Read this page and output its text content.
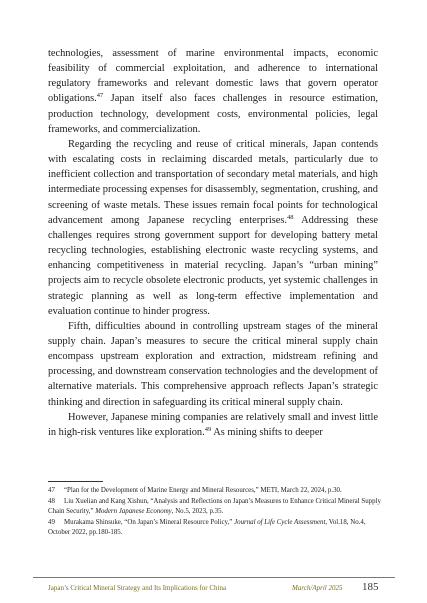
technologies, assessment of marine environmental impacts, economic feasibility of commercial exploitation, and adherence to international regulatory frameworks and relevant domestic laws that govern operator obligations.$^{47}$ Japan itself also faces challenges in resource estimation, production technology, development costs, environmental policies, legal frameworks, and commercialization.

Regarding the recycling and reuse of critical minerals, Japan contends with escalating costs in reclaiming discarded metals, particularly due to inefficient collection and transportation of secondary metal materials, and high intermediate processing expenses for disassembly, segmentation, crushing, and screening of waste metals. These issues remain focal points for technological advancement among Japanese recycling enterprises.$^{48}$ Addressing these challenges requires strong government support for developing battery metal recycling technologies, establishing electronic waste recycling systems, and enhancing competitiveness in material recycling. Japan’s “urban mining” projects aim to recycle obsolete electronic products, yet systemic challenges in strategic planning as well as long-term effective implementation and evaluation continue to hinder progress.

Fifth, difficulties abound in controlling upstream stages of the mineral supply chain. Japan’s measures to secure the critical mineral supply chain encompass upstream exploration and extraction, midstream refining and processing, and downstream conservation technologies and the development of alternative materials. This comprehensive approach reflects Japan’s strategic thinking and direction in safeguarding its critical mineral supply chain.

However, Japanese mining companies are relatively small and invest little in high-risk ventures like exploration.$^{49}$ As mining shifts to deeper

47 “Plan for the Development of Marine Energy and Mineral Resources,” METI, March 22, 2024, p.30.

48 Liu Xuelian and Kang Xishun, “Analysis and Reflections on Japan’s Measures to Enhance Critical Mineral Supply Chain Security,” Modern Japanese Economy, No.5, 2023, p.35.

49 Murakama Shinsuke, “On Japan’s Mineral Resource Policy,” Journal of Life Cycle Assessment, Vol.18, No.4, October 2022, pp.180-185.

Japan’s Critical Mineral Strategy and Its Implications for China	March/April 2025 185
